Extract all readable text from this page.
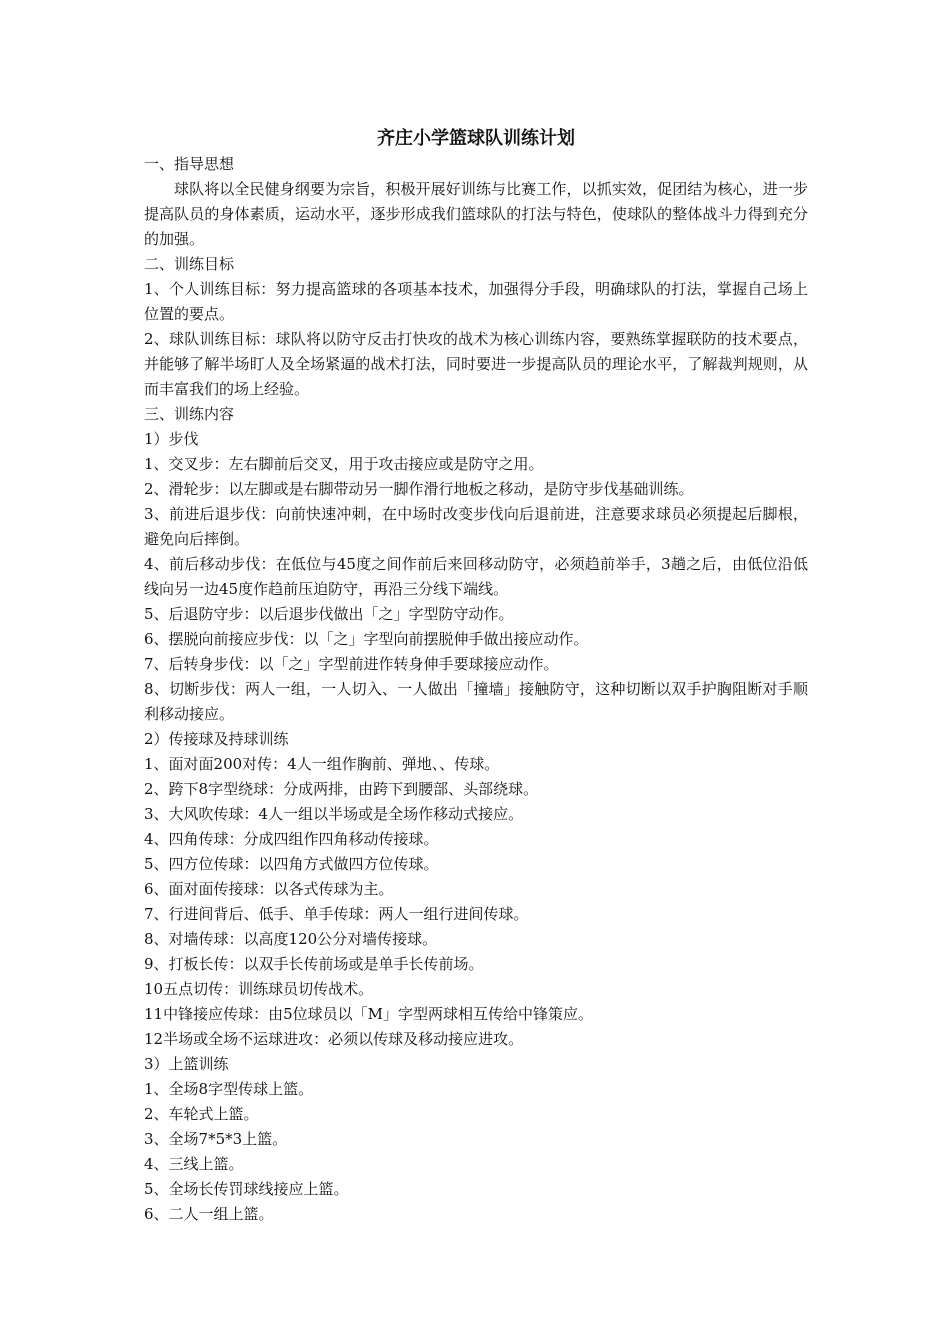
齐庄小学篮球队训练计划
一、指导思想
球队将以全民健身纲要为宗旨，积极开展好训练与比赛工作，以抓实效，促团结为核心，进一步提高队员的身体素质，运动水平，逐步形成我们篮球队的打法与特色，使球队的整体战斗力得到充分的加强。
二、训练目标
1、个人训练目标：努力提高篮球的各项基本技术，加强得分手段，明确球队的打法，掌握自己场上位置的要点。
2、球队训练目标：球队将以防守反击打快攻的战术为核心训练内容，要熟练掌握联防的技术要点，并能够了解半场盯人及全场紧逼的战术打法，同时要进一步提高队员的理论水平，了解裁判规则，从而丰富我们的场上经验。
三、训练内容
1）步伐
1、交叉步：左右脚前后交叉，用于攻击接应或是防守之用。
2、滑轮步：以左脚或是右脚带动另一脚作滑行地板之移动，是防守步伐基础训练。
3、前进后退步伐：向前快速冲刺，在中场时改变步伐向后退前进，注意要求球员必须提起后脚根，避免向后摔倒。
4、前后移动步伐：在低位与45度之间作前后来回移动防守，必须趋前举手，3趟之后，由低位沿低线向另一边45度作趋前压迫防守，再沿三分线下端线。
5、后退防守步：以后退步伐做出「之」字型防守动作。
6、摆脱向前接应步伐：以「之」字型向前摆脱伸手做出接应动作。
7、后转身步伐：以「之」字型前进作转身伸手要球接应动作。
8、切断步伐：两人一组，一人切入、一人做出「撞墙」接触防守，这种切断以双手护胸阻断对手顺利移动接应。
2）传接球及持球训练
1、面对面200对传：4人一组作胸前、弹地、、传球。
2、跨下8字型绕球：分成两排，由跨下到腰部、头部绕球。
3、大风吹传球：4人一组以半场或是全场作移动式接应。
4、四角传球：分成四组作四角移动传接球。
5、四方位传球：以四角方式做四方位传球。
6、面对面传接球：以各式传球为主。
7、行进间背后、低手、单手传球：两人一组行进间传球。
8、对墙传球：以高度120公分对墙传接球。
9、打板长传：以双手长传前场或是单手长传前场。
10五点切传：训练球员切传战术。
11中锋接应传球：由5位球员以「M」字型两球相互传给中锋策应。
12半场或全场不运球进攻：必须以传球及移动接应进攻。
3）上篮训练
1、全场8字型传球上篮。
2、车轮式上篮。
3、全场7*5*3上篮。
4、三线上篮。
5、全场长传罚球线接应上篮。
6、二人一组上篮。
